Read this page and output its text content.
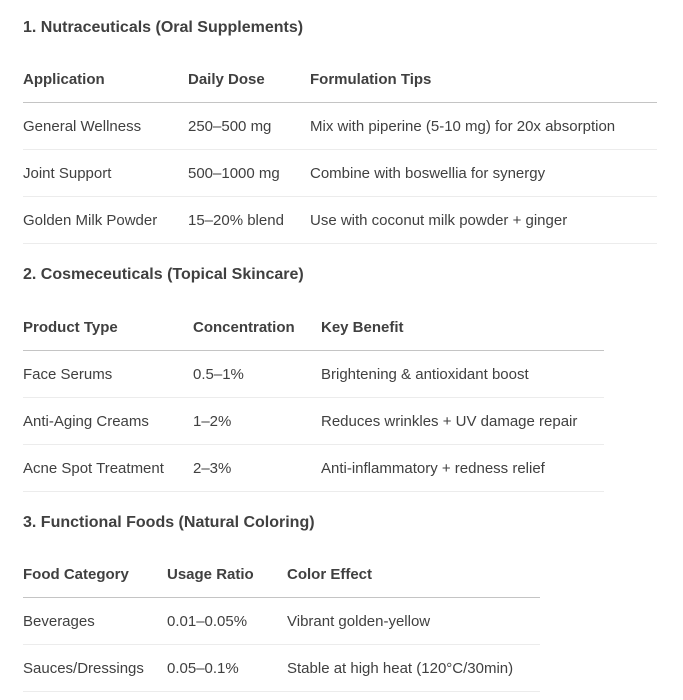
1. Nutraceuticals (Oral Supplements)
Application	Daily Dose	Formulation Tips
General Wellness	250–500 mg	Mix with piperine (5-10 mg) for 20x absorption
Joint Support	500–1000 mg	Combine with boswellia for synergy
Golden Milk Powder	15–20% blend	Use with coconut milk powder + ginger
2. Cosmeceuticals (Topical Skincare)
Product Type	Concentration	Key Benefit
Face Serums	0.5–1%	Brightening & antioxidant boost
Anti-Aging Creams	1–2%	Reduces wrinkles + UV damage repair
Acne Spot Treatment	2–3%	Anti-inflammatory + redness relief
3. Functional Foods (Natural Coloring)
Food Category	Usage Ratio	Color Effect
Beverages	0.01–0.05%	Vibrant golden-yellow
Sauces/Dressings	0.05–0.1%	Stable at high heat (120°C/30min)
